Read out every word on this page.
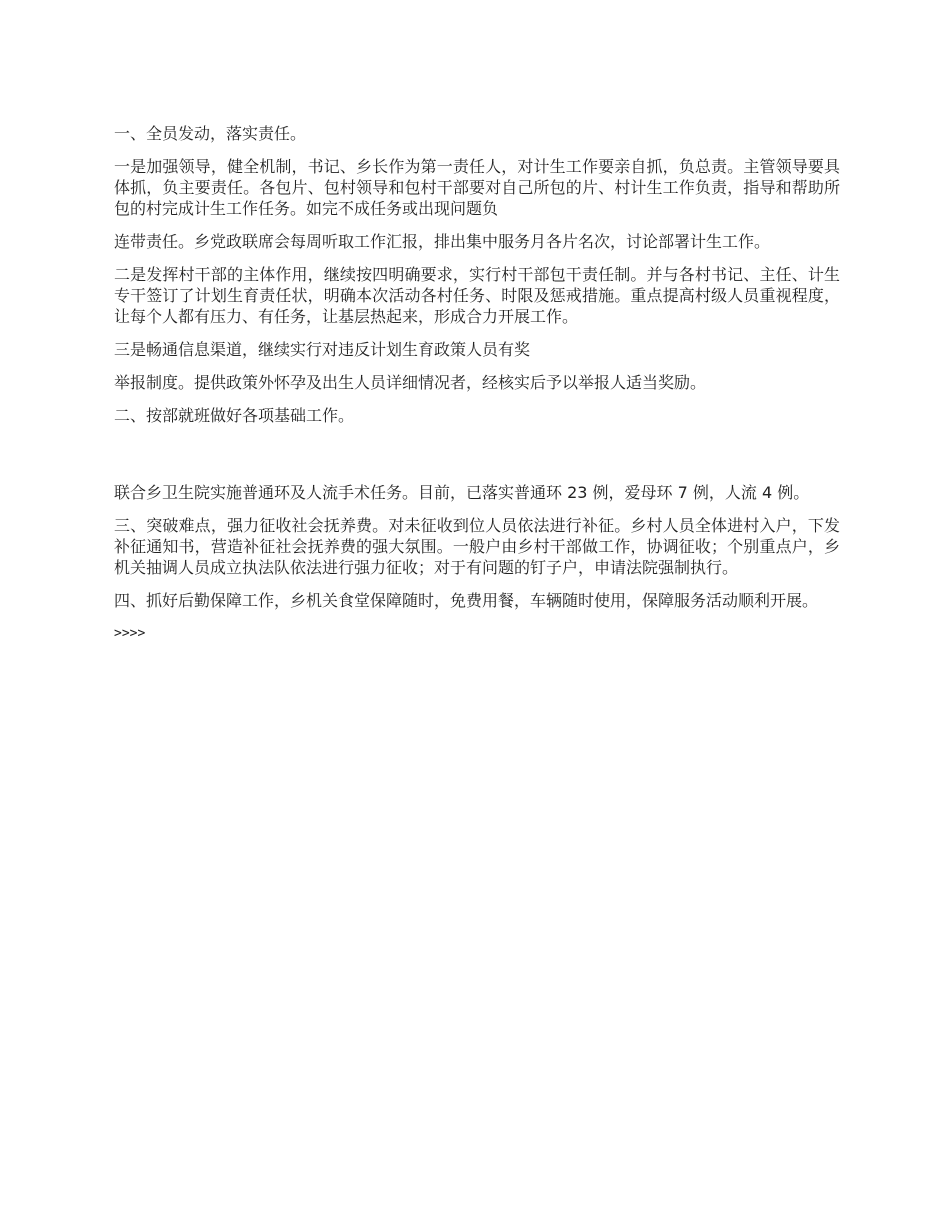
一、全员发动，落实责任。

一是加强领导，健全机制，书记、乡长作为第一责任人，对计生工作要亲自抓，负总责。主管领导要具体抓，负主要责任。各包片、包村领导和包村干部要对自己所包的片、村计生工作负责，指导和帮助所包的村完成计生工作任务。如完不成任务或出现问题负

连带责任。乡党政联席会每周听取工作汇报，排出集中服务月各片名次，讨论部署计生工作。

二是发挥村干部的主体作用，继续按四明确要求，实行村干部包干责任制。并与各村书记、主任、计生专干签订了计划生育责任状，明确本次活动各村任务、时限及惩戒措施。重点提高村级人员重视程度，让每个人都有压力、有任务，让基层热起来，形成合力开展工作。

三是畅通信息渠道，继续实行对违反计划生育政策人员有奖

举报制度。提供政策外怀孕及出生人员详细情况者，经核实后予以举报人适当奖励。

二、按部就班做好各项基础工作。

联合乡卫生院实施普通环及人流手术任务。目前，已落实普通环 23 例，爱母环 7 例，人流 4 例。

三、突破难点，强力征收社会抚养费。对未征收到位人员依法进行补征。乡村人员全体进村入户，下发补征通知书，营造补征社会抚养费的强大氛围。一般户由乡村干部做工作，协调征收；个别重点户，乡机关抽调人员成立执法队依法进行强力征收；对于有问题的钉子户，申请法院强制执行。

四、抓好后勤保障工作，乡机关食堂保障随时，免费用餐，车辆随时使用，保障服务活动顺利开展。

>>>>
